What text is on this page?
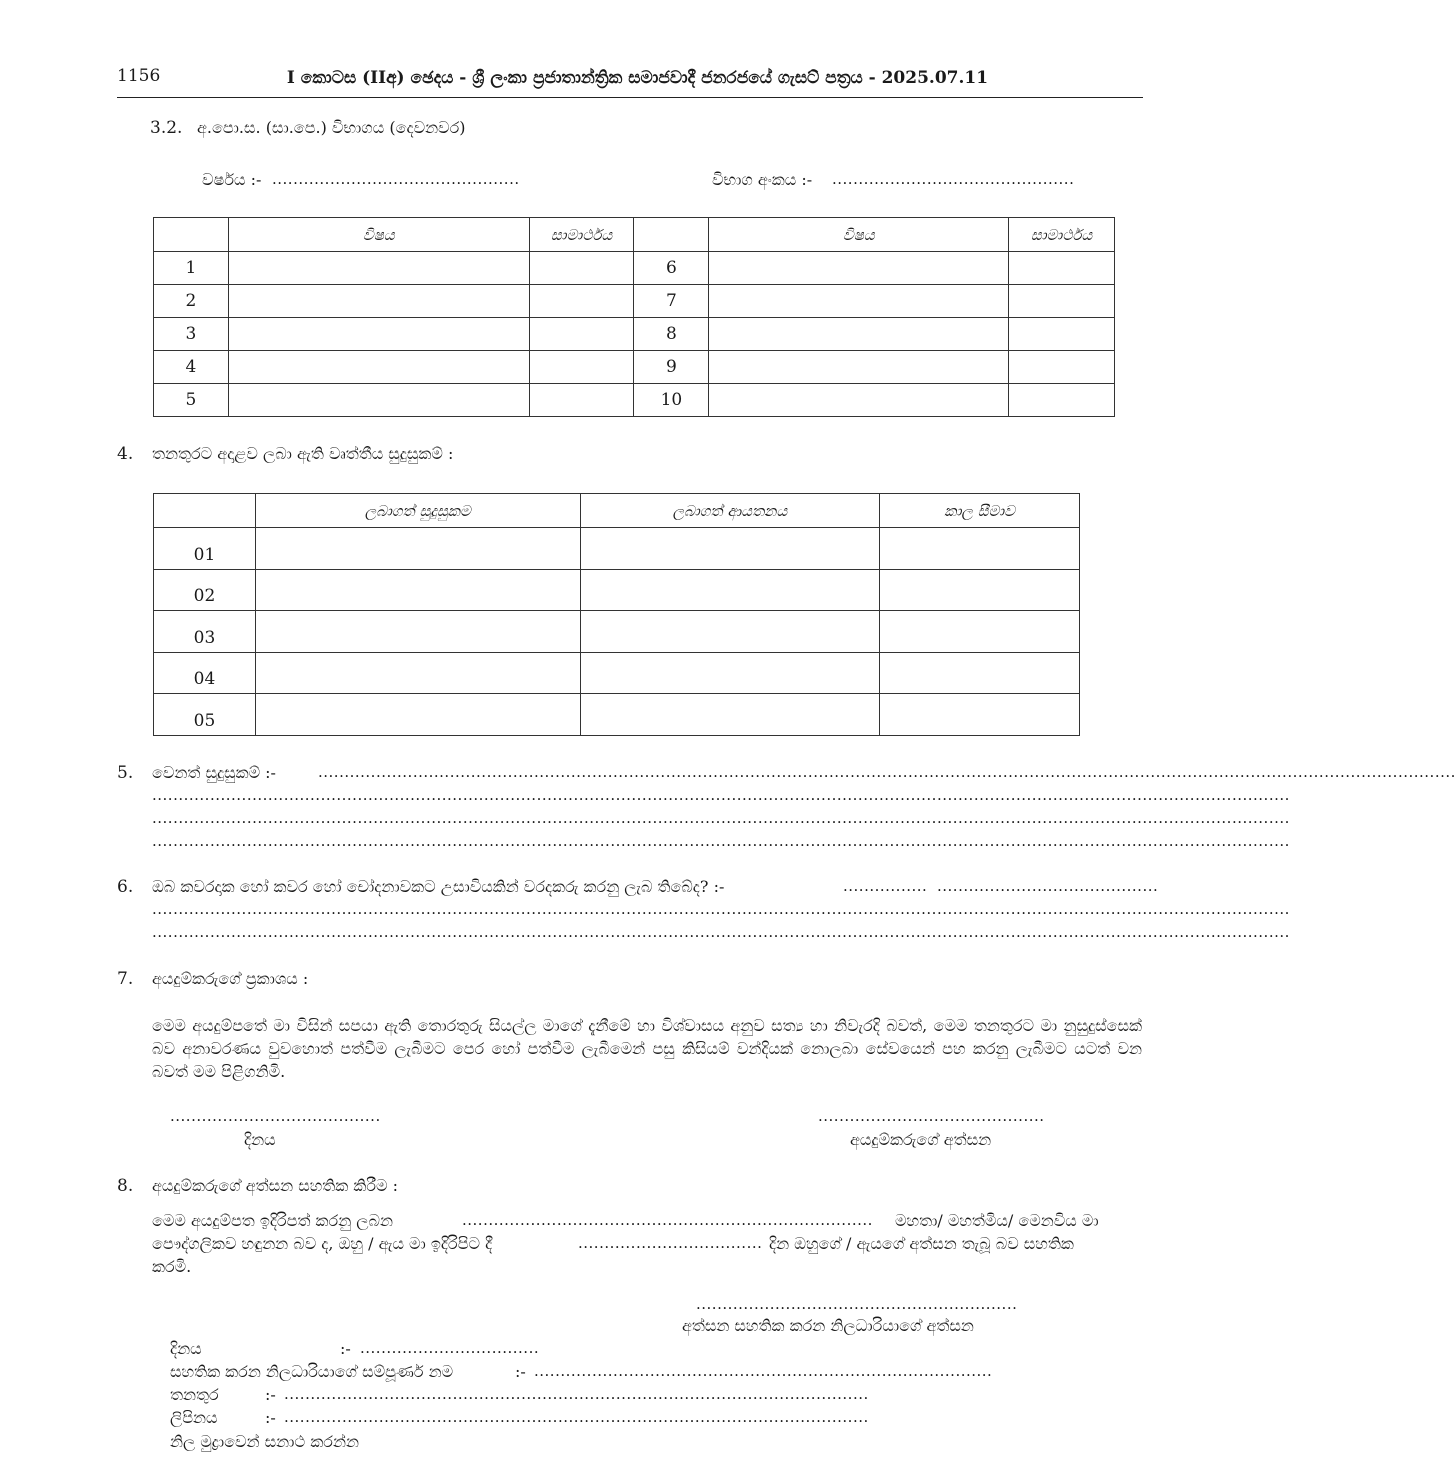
1156	I කොටස (IIඅ) ඡෙදය - ශ්‍රී ලංකා ප්‍රජාතාන්ත්‍රික සමාජවාදී ජනරජයේ ගැසට් පත්‍රය - 2025.07.11
3.2. අ.පො.ස. (සා.පෙ.) විභාගය (දෙවනවර)
වර්ෂය :- ...............................................	විභාග අංකය :- ..............................................
	විෂය	සාමාර්ථය		විෂය	සාමාර්ථය
1			6		
2			7		
3			8		
4			9		
5			10		
4. තනතුරට අදාළව ලබා ඇති වෘත්තීය සුදුසුකම් :
	ලබාගත් සුදුසුකම	ලබාගත් ආයතනය	කාල සීමාව
01			
02			
03			
04			
05			
5. වෙනත් සුදුසුකම් :-	........................................................................................................................................................................................................................
........................................................................................................................................................................................................................
........................................................................................................................................................................................................................
........................................................................................................................................................................................................................
6. ඔබ කවරදාක හෝ කවර හෝ චෝදනාවකට උසාවියකින් වරදකරු කරනු ලැබ තිබේද? :-	................ ..........................................
........................................................................................................................................................................................................................
........................................................................................................................................................................................................................
7. අයදුම්කරුගේ ප්‍රකාශය :
මෙම අයදුම්පතේ මා විසින් සපයා ඇති තොරතුරු සියල්ල මාගේ දැනීමේ හා විශ්වාසය අනුව සත්‍ය හා නිවැරදි බවත්, මෙම තනතුරට මා නුසුදුස්සෙක් බව අනාවරණය වුවහොත් පත්වීම ලැබීමට පෙර හෝ පත්වීම ලැබීමෙන් පසු කිසියම් වන්දියක් නොලබා සේවයෙන් පහ කරනු ලැබීමට යටත් වන බවත් මම පිළිගනිමි.
........................................
දිනය
...........................................
අයදුම්කරුගේ අත්සන
8. අයදුම්කරුගේ අත්සන සහතික කිරීම :
මෙම අයදුම්පත ඉදිරිපත් කරනු ලබන	..............................................................................	මහතා/ මහත්මිය/ මෙනවිය මා
පෞද්ගලිකව හඳුනන බව ද, ඔහු / ඇය මා ඉදිරිපිට දී	................................... දින ඔහුගේ / ඇයගේ අත්සන තැබූ බව සහතික
කරමි.
.............................................................
අත්සන සහතික කරන නිලධාරියාගේ අත්සන
දිනය	:- ..................................
සහතික කරන නිලධාරියාගේ සම්පූර්ණ නම	:- .......................................................................................
තනතුර	:- ...............................................................................................................
ලිපිනය	:- ...............................................................................................................
නිල මුද්‍රාවෙන් සනාථ කරන්න
